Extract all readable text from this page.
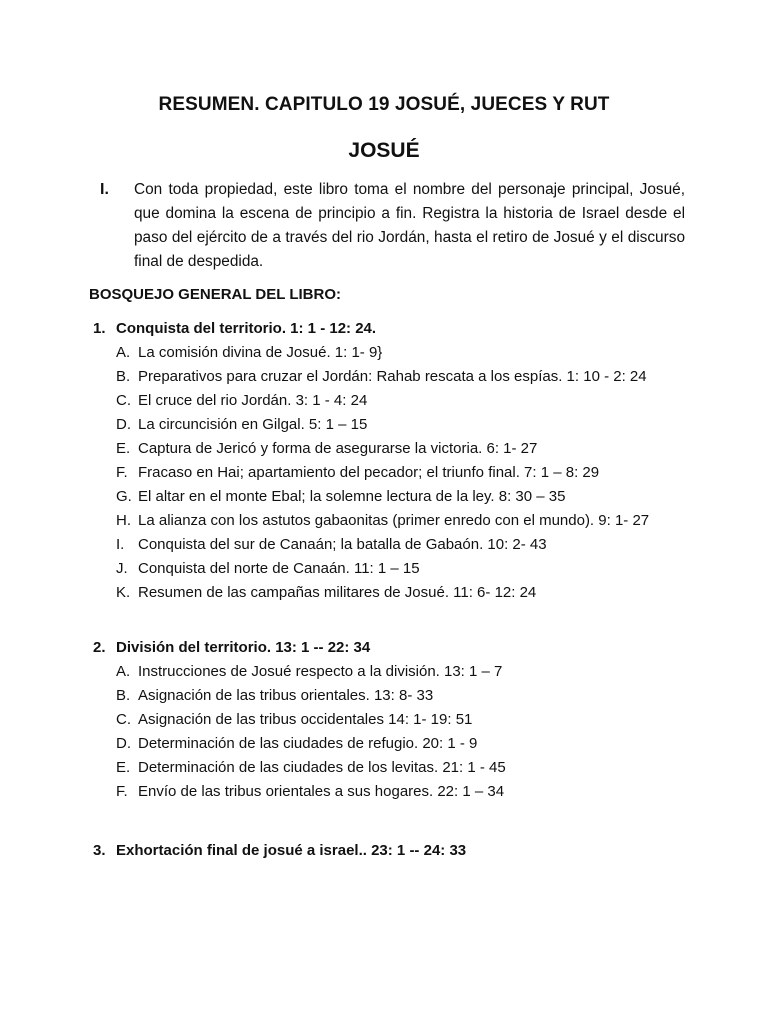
RESUMEN. CAPITULO 19 JOSUÉ, JUECES Y RUT
JOSUÉ
I. Con toda propiedad, este libro toma el nombre del personaje principal, Josué, que domina la escena de principio a fin. Registra la historia de Israel desde el paso del ejército de a través del rio Jordán, hasta el retiro de Josué y el discurso final de despedida.
BOSQUEJO GENERAL DEL LIBRO:
1. Conquista del territorio. 1: 1 - 12: 24.
A. La comisión divina de Josué. 1: 1- 9}
B. Preparativos para cruzar el Jordán: Rahab rescata a los espías. 1: 10 - 2: 24
C. El cruce del rio Jordán. 3: 1 - 4: 24
D. La circuncisión en Gilgal. 5: 1 – 15
E. Captura de Jericó y forma de asegurarse la victoria. 6: 1- 27
F. Fracaso en Hai; apartamiento del pecador; el triunfo final. 7: 1 – 8: 29
G. El altar en el monte Ebal; la solemne lectura de la ley. 8: 30 – 35
H. La alianza con los astutos gabaonitas (primer enredo con el mundo). 9: 1- 27
I. Conquista del sur de Canaán; la batalla de Gabaón. 10: 2- 43
J. Conquista del norte de Canaán. 11: 1 – 15
K. Resumen de las campañas militares de Josué. 11: 6- 12: 24
2. División del territorio. 13: 1 -- 22: 34
A. Instrucciones de Josué respecto a la división. 13: 1 – 7
B. Asignación de las tribus orientales. 13: 8- 33
C. Asignación de las tribus occidentales 14: 1- 19: 51
D. Determinación de las ciudades de refugio. 20: 1 - 9
E. Determinación de las ciudades de los levitas. 21: 1 - 45
F. Envío de las tribus orientales a sus hogares. 22: 1 – 34
3. Exhortación final de josué a israel.. 23: 1 -- 24: 33
